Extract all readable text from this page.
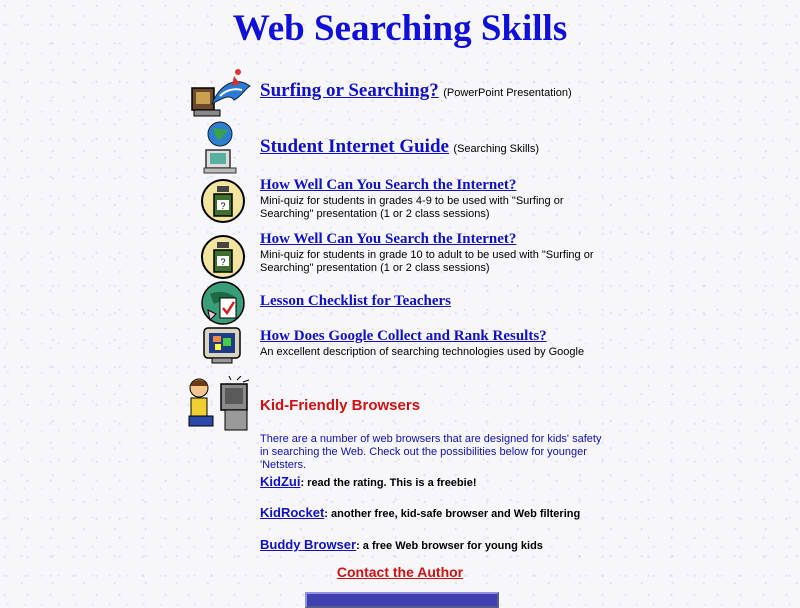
Web Searching Skills
Surfing or Searching? (PowerPoint Presentation)
Student Internet Guide (Searching Skills)
?
How Well Can You Search the Internet?
Mini-quiz for students in grades 4-9 to be used with "Surfing or Searching" presentation (1 or 2 class sessions)
?
How Well Can You Search the Internet?
Mini-quiz for students in grade 10 to adult to be used with "Surfing or Searching" presentation (1 or 2 class sessions)
Lesson Checklist for Teachers
How Does Google Collect and Rank Results?
An excellent description of searching technologies used by Google
Kid-Friendly Browsers
There are a number of web browsers that are designed for kids' safety in searching the Web. Check out the possibilities below for younger 'Netsters.
KidZui: read the rating. This is a freebie!
KidRocket: another free, kid-safe browser and Web filtering
Buddy Browser: a free Web browser for young kids
Contact the Author
